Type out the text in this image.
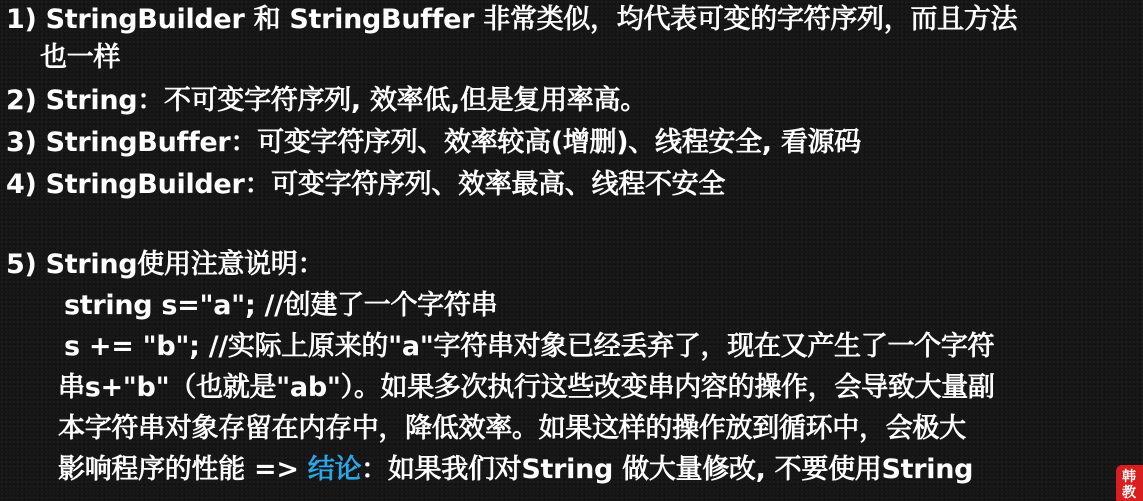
1) StringBuilder 和 StringBuffer 非常类似，均代表可变的字符序列，而且方法
也一样
2) String：不可变字符序列, 效率低,但是复用率高。
3) StringBuffer：可变字符序列、效率较高(增删)、线程安全, 看源码
4) StringBuilder：可变字符序列、效率最高、线程不安全
5) String使用注意说明：
string s="a"; //创建了一个字符串
s += "b"; //实际上原来的"a"字符串对象已经丢弃了，现在又产生了一个字符
串s+"b"（也就是"ab"）。如果多次执行这些改变串内容的操作，会导致大量副
本字符串对象存留在内存中，降低效率。如果这样的操作放到循环中，会极大
影响程序的性能 => 结论：如果我们对String 做大量修改, 不要使用String	韩
教
